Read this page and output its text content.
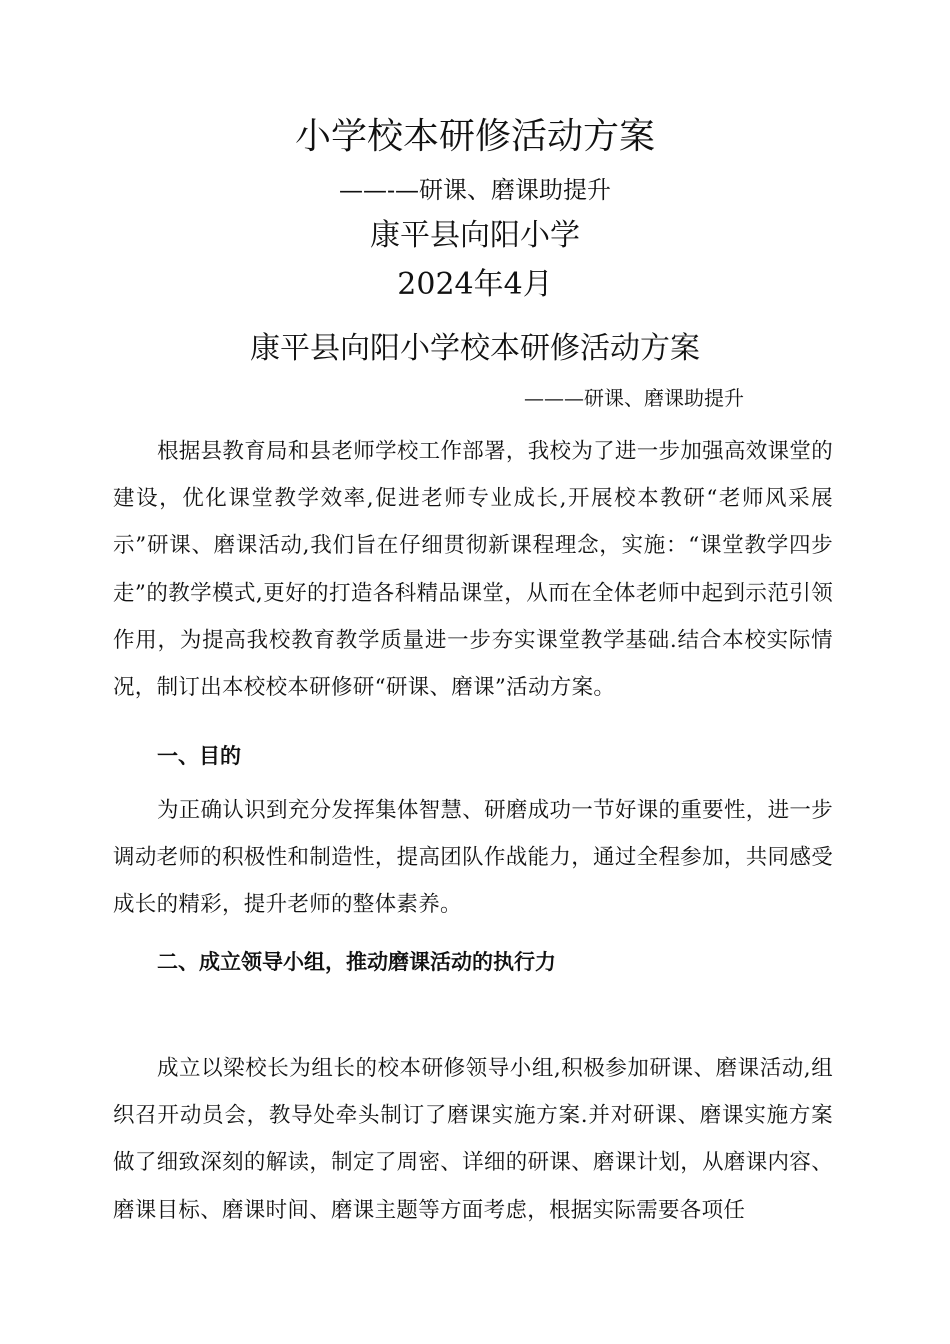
小学校本研修活动方案
——-—研课、磨课助提升
康平县向阳小学
2024年4月
康平县向阳小学校本研修活动方案
———研课、磨课助提升

根据县教育局和县老师学校工作部署，我校为了进一步加强高效课堂的建设，优化课堂教学效率,促进老师专业成长,开展校本教研“老师风采展示”研课、磨课活动,我们旨在仔细贯彻新课程理念，实施：“课堂教学四步走”的教学模式,更好的打造各科精品课堂，从而在全体老师中起到示范引领作用，为提高我校教育教学质量进一步夯实课堂教学基础.结合本校实际情况，制订出本校校本研修研“研课、磨课”活动方案。

一、目的

为正确认识到充分发挥集体智慧、研磨成功一节好课的重要性，进一步调动老师的积极性和制造性，提高团队作战能力，通过全程参加，共同感受成长的精彩，提升老师的整体素养。

二、成立领导小组，推动磨课活动的执行力

成立以梁校长为组长的校本研修领导小组,积极参加研课、磨课活动,组织召开动员会，教导处牵头制订了磨课实施方案.并对研课、磨课实施方案做了细致深刻的解读，制定了周密、详细的研课、磨课计划，从磨课内容、磨课目标、磨课时间、磨课主题等方面考虑，根据实际需要各项任
